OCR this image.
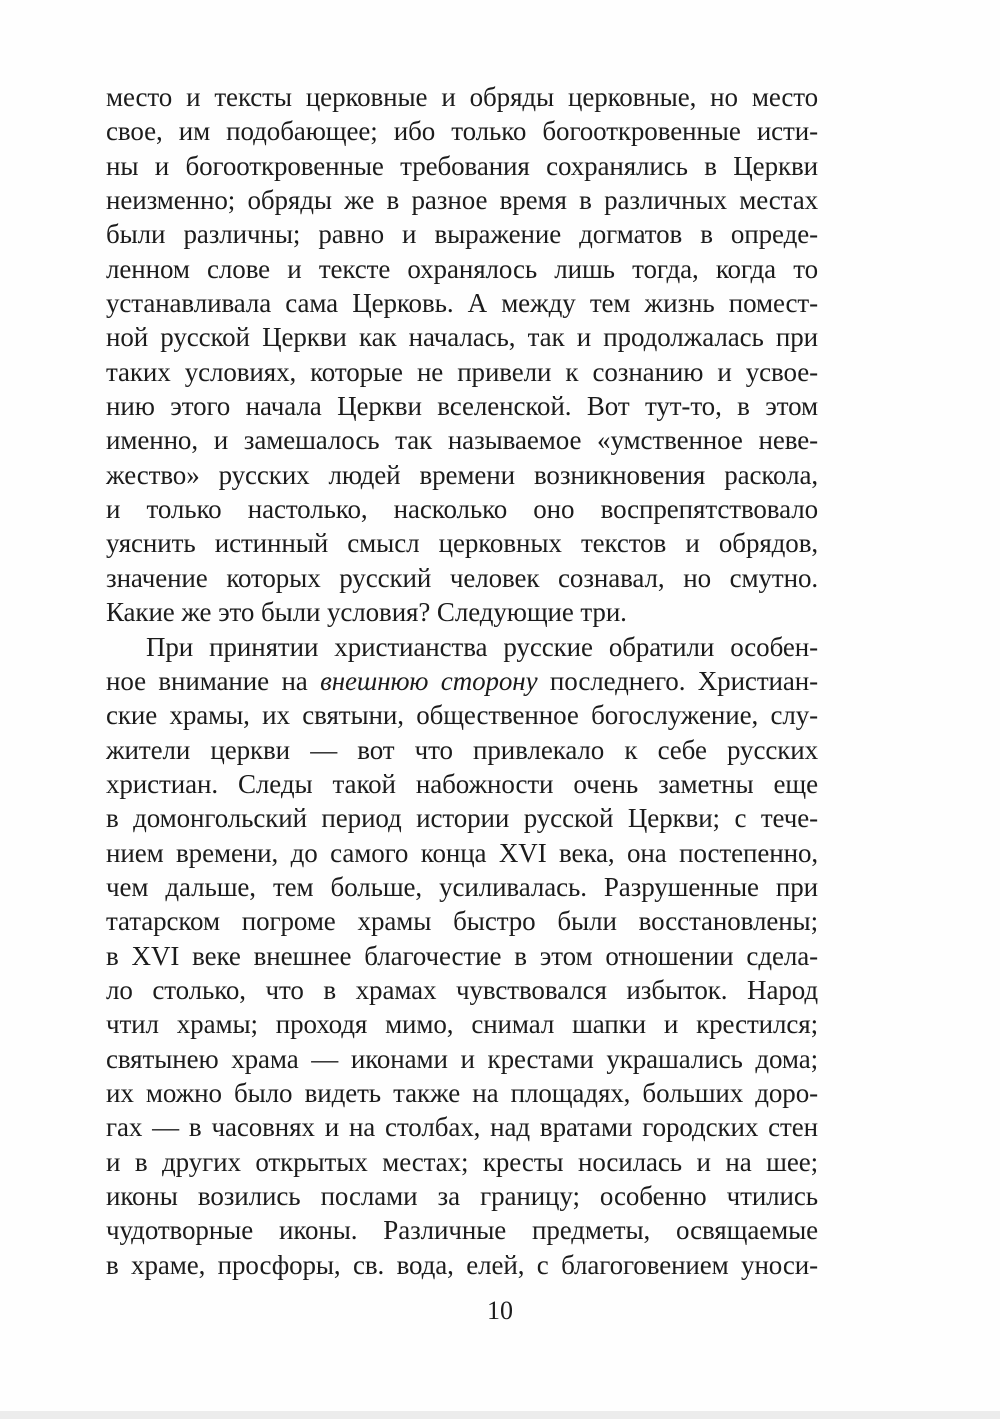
место и тексты церковные и обряды церковные, но место
свое, им подобающее; ибо только богооткровенные исти-
ны и богооткровенные требования сохранялись в Церкви
неизменно; обряды же в разное время в различных местах
были различны; равно и выражение догматов в опреде-
ленном слове и тексте охранялось лишь тогда, когда то
устанавливала сама Церковь. А между тем жизнь помест-
ной русской Церкви как началась, так и продолжалась при
таких условиях, которые не привели к сознанию и усвое-
нию этого начала Церкви вселенской. Вот тут-то, в этом
именно, и замешалось так называемое «умственное неве-
жество» русских людей времени возникновения раскола,
и только настолько, насколько оно воспрепятствовало
уяснить истинный смысл церковных текстов и обрядов,
значение которых русский человек сознавал, но смутно.
Какие же это были условия? Следующие три.
При принятии христианства русские обратили особен-
ное внимание на внешнюю сторону последнего. Христиан-
ские храмы, их святыни, общественное богослужение, слу-
жители церкви — вот что привлекало к себе русских
христиан. Следы такой набожности очень заметны еще
в домонгольский период истории русской Церкви; с тече-
нием времени, до самого конца XVI века, она постепенно,
чем дальше, тем больше, усиливалась. Разрушенные при
татарском погроме храмы быстро были восстановлены;
в XVI веке внешнее благочестие в этом отношении сдела-
ло столько, что в храмах чувствовался избыток. Народ
чтил храмы; проходя мимо, снимал шапки и крестился;
святынею храма — иконами и крестами украшались дома;
их можно было видеть также на площадях, больших доро-
гах — в часовнях и на столбах, над вратами городских стен
и в других открытых местах; кресты носилась и на шее;
иконы возились послами за границу; особенно чтились
чудотворные иконы. Различные предметы, освящаемые
в храме, просфоры, св. вода, елей, с благоговением уноси-
10
